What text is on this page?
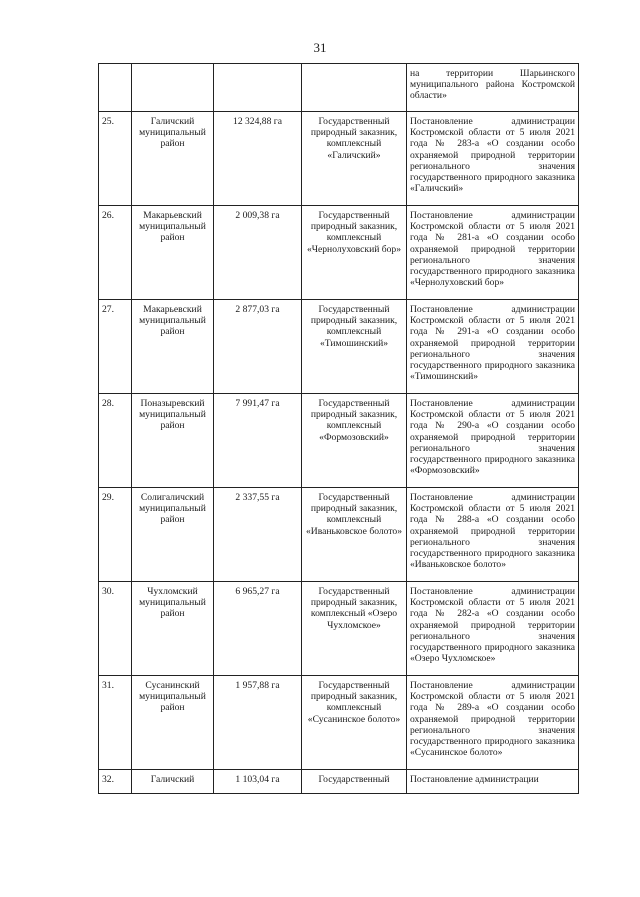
31
				на территории Шарьинского муниципального района Костромской области»
25.	Галичский муниципальный район	12 324,88 га	Государственный природный заказник, комплексный «Галичский»	Постановление администрации Костромской области от 5 июля 2021 года № 283-а «О создании особо охраняемой природной территории регионального значения государственного природного заказника «Галичский»
26.	Макарьевский муниципальный район	2 009,38 га	Государственный природный заказник, комплексный «Чернолуховский бор»	Постановление администрации Костромской области от 5 июля 2021 года № 281-а «О создании особо охраняемой природной территории регионального значения государственного природного заказника «Чернолуховский бор»
27.	Макарьевский муниципальный район	2 877,03 га	Государственный природный заказник, комплексный «Тимошинский»	Постановление администрации Костромской области от 5 июля 2021 года № 291-а «О создании особо охраняемой природной территории регионального значения государственного природного заказника «Тимошинский»
28.	Поназыревский муниципальный район	7 991,47 га	Государственный природный заказник, комплексный «Формозовский»	Постановление администрации Костромской области от 5 июля 2021 года № 290-а «О создании особо охраняемой природной территории регионального значения государственного природного заказника «Формозовский»
29.	Солигаличский муниципальный район	2 337,55 га	Государственный природный заказник, комплексный «Иваньковское болото»	Постановление администрации Костромской области от 5 июля 2021 года № 288-а «О создании особо охраняемой природной территории регионального значения государственного природного заказника «Иваньковское болото»
30.	Чухломский муниципальный район	6 965,27 га	Государственный природный заказник, комплексный «Озеро Чухломское»	Постановление администрации Костромской области от 5 июля 2021 года № 282-а «О создании особо охраняемой природной территории регионального значения государственного природного заказника «Озеро Чухломское»
31.	Сусанинский муниципальный район	1 957,88 га	Государственный природный заказник, комплексный «Сусанинское болото»	Постановление администрации Костромской области от 5 июля 2021 года № 289-а «О создании особо охраняемой природной территории регионального значения государственного природного заказника «Сусанинское болото»
32.	Галичский	1 103,04 га	Государственный	Постановление администрации
